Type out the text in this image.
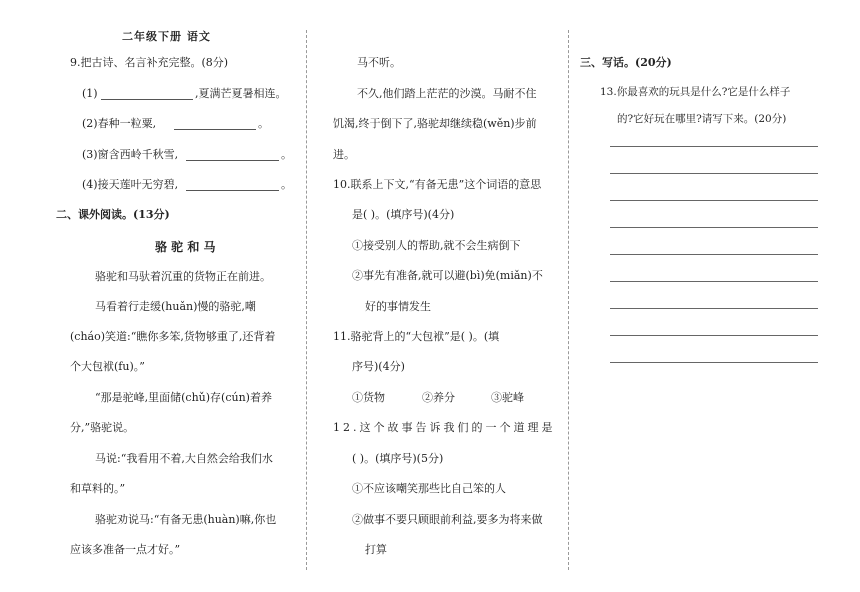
二年级下册 语文
9.把古诗、名言补充完整。(8分)
(1)	,夏满芒夏暑相连。
(2)春种一粒粟,	。
(3)窗含西岭千秋雪,	。
(4)接天莲叶无穷碧,	。
二、课外阅读。(13分)
骆 驼 和 马
骆驼和马驮着沉重的货物正在前进。
马看着行走缓(huǎn)慢的骆驼,嘲
(cháo)笑道:“瞧你多笨,货物够重了,还背着
个大包袱(fu)。”
“那是驼峰,里面储(chǔ)存(cún)着养
分,”骆驼说。
马说:“我看用不着,大自然会给我们水
和草料的。”
骆驼劝说马:“有备无患(huàn)嘛,你也
应该多准备一点才好。”
马不听。
不久,他们踏上茫茫的沙漠。马耐不住
饥渴,终于倒下了,骆驼却继续稳(wěn)步前
进。
10.联系上下文,“有备无患”这个词语的意思
是( )。(填序号)(4分)
①接受别人的帮助,就不会生病倒下
②事先有准备,就可以避(bì)免(miǎn)不
好的事情发生
11.骆驼背上的“大包袱”是( )。(填
序号)(4分)
①货物	②养分	③驼峰
12.这个故事告诉我们的一个道理是
( )。(填序号)(5分)
①不应该嘲笑那些比自己笨的人
②做事不要只顾眼前利益,要多为将来做
打算
三、写话。(20分)
13.你最喜欢的玩具是什么?它是什么样子
的?它好玩在哪里?请写下来。(20分)
